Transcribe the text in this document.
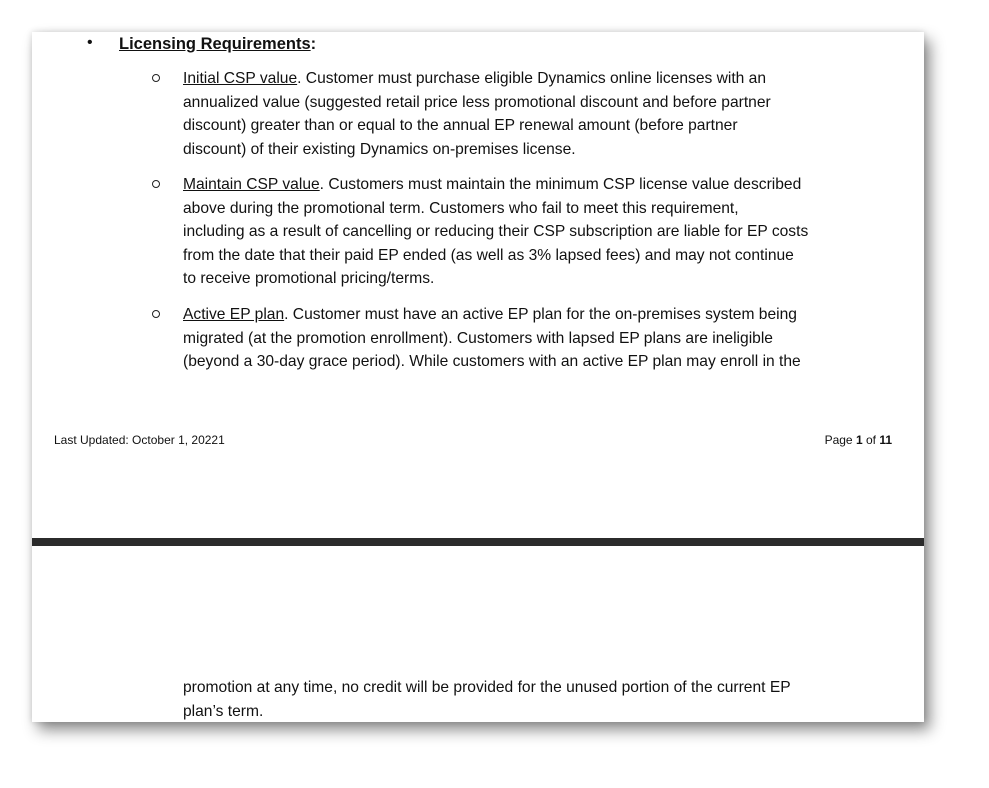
• Licensing Requirements:
Initial CSP value. Customer must purchase eligible Dynamics online licenses with an
annualized value (suggested retail price less promotional discount and before partner
discount) greater than or equal to the annual EP renewal amount (before partner
discount) of their existing Dynamics on-premises license.
Maintain CSP value. Customers must maintain the minimum CSP license value described
above during the promotional term. Customers who fail to meet this requirement,
including as a result of cancelling or reducing their CSP subscription are liable for EP costs
from the date that their paid EP ended (as well as 3% lapsed fees) and may not continue
to receive promotional pricing/terms.
Active EP plan. Customer must have an active EP plan for the on-premises system being
migrated (at the promotion enrollment). Customers with lapsed EP plans are ineligible
(beyond a 30-day grace period). While customers with an active EP plan may enroll in the
Last Updated: October 1, 20221	Page 1 of 11
promotion at any time, no credit will be provided for the unused portion of the current EP
plan’s term.
